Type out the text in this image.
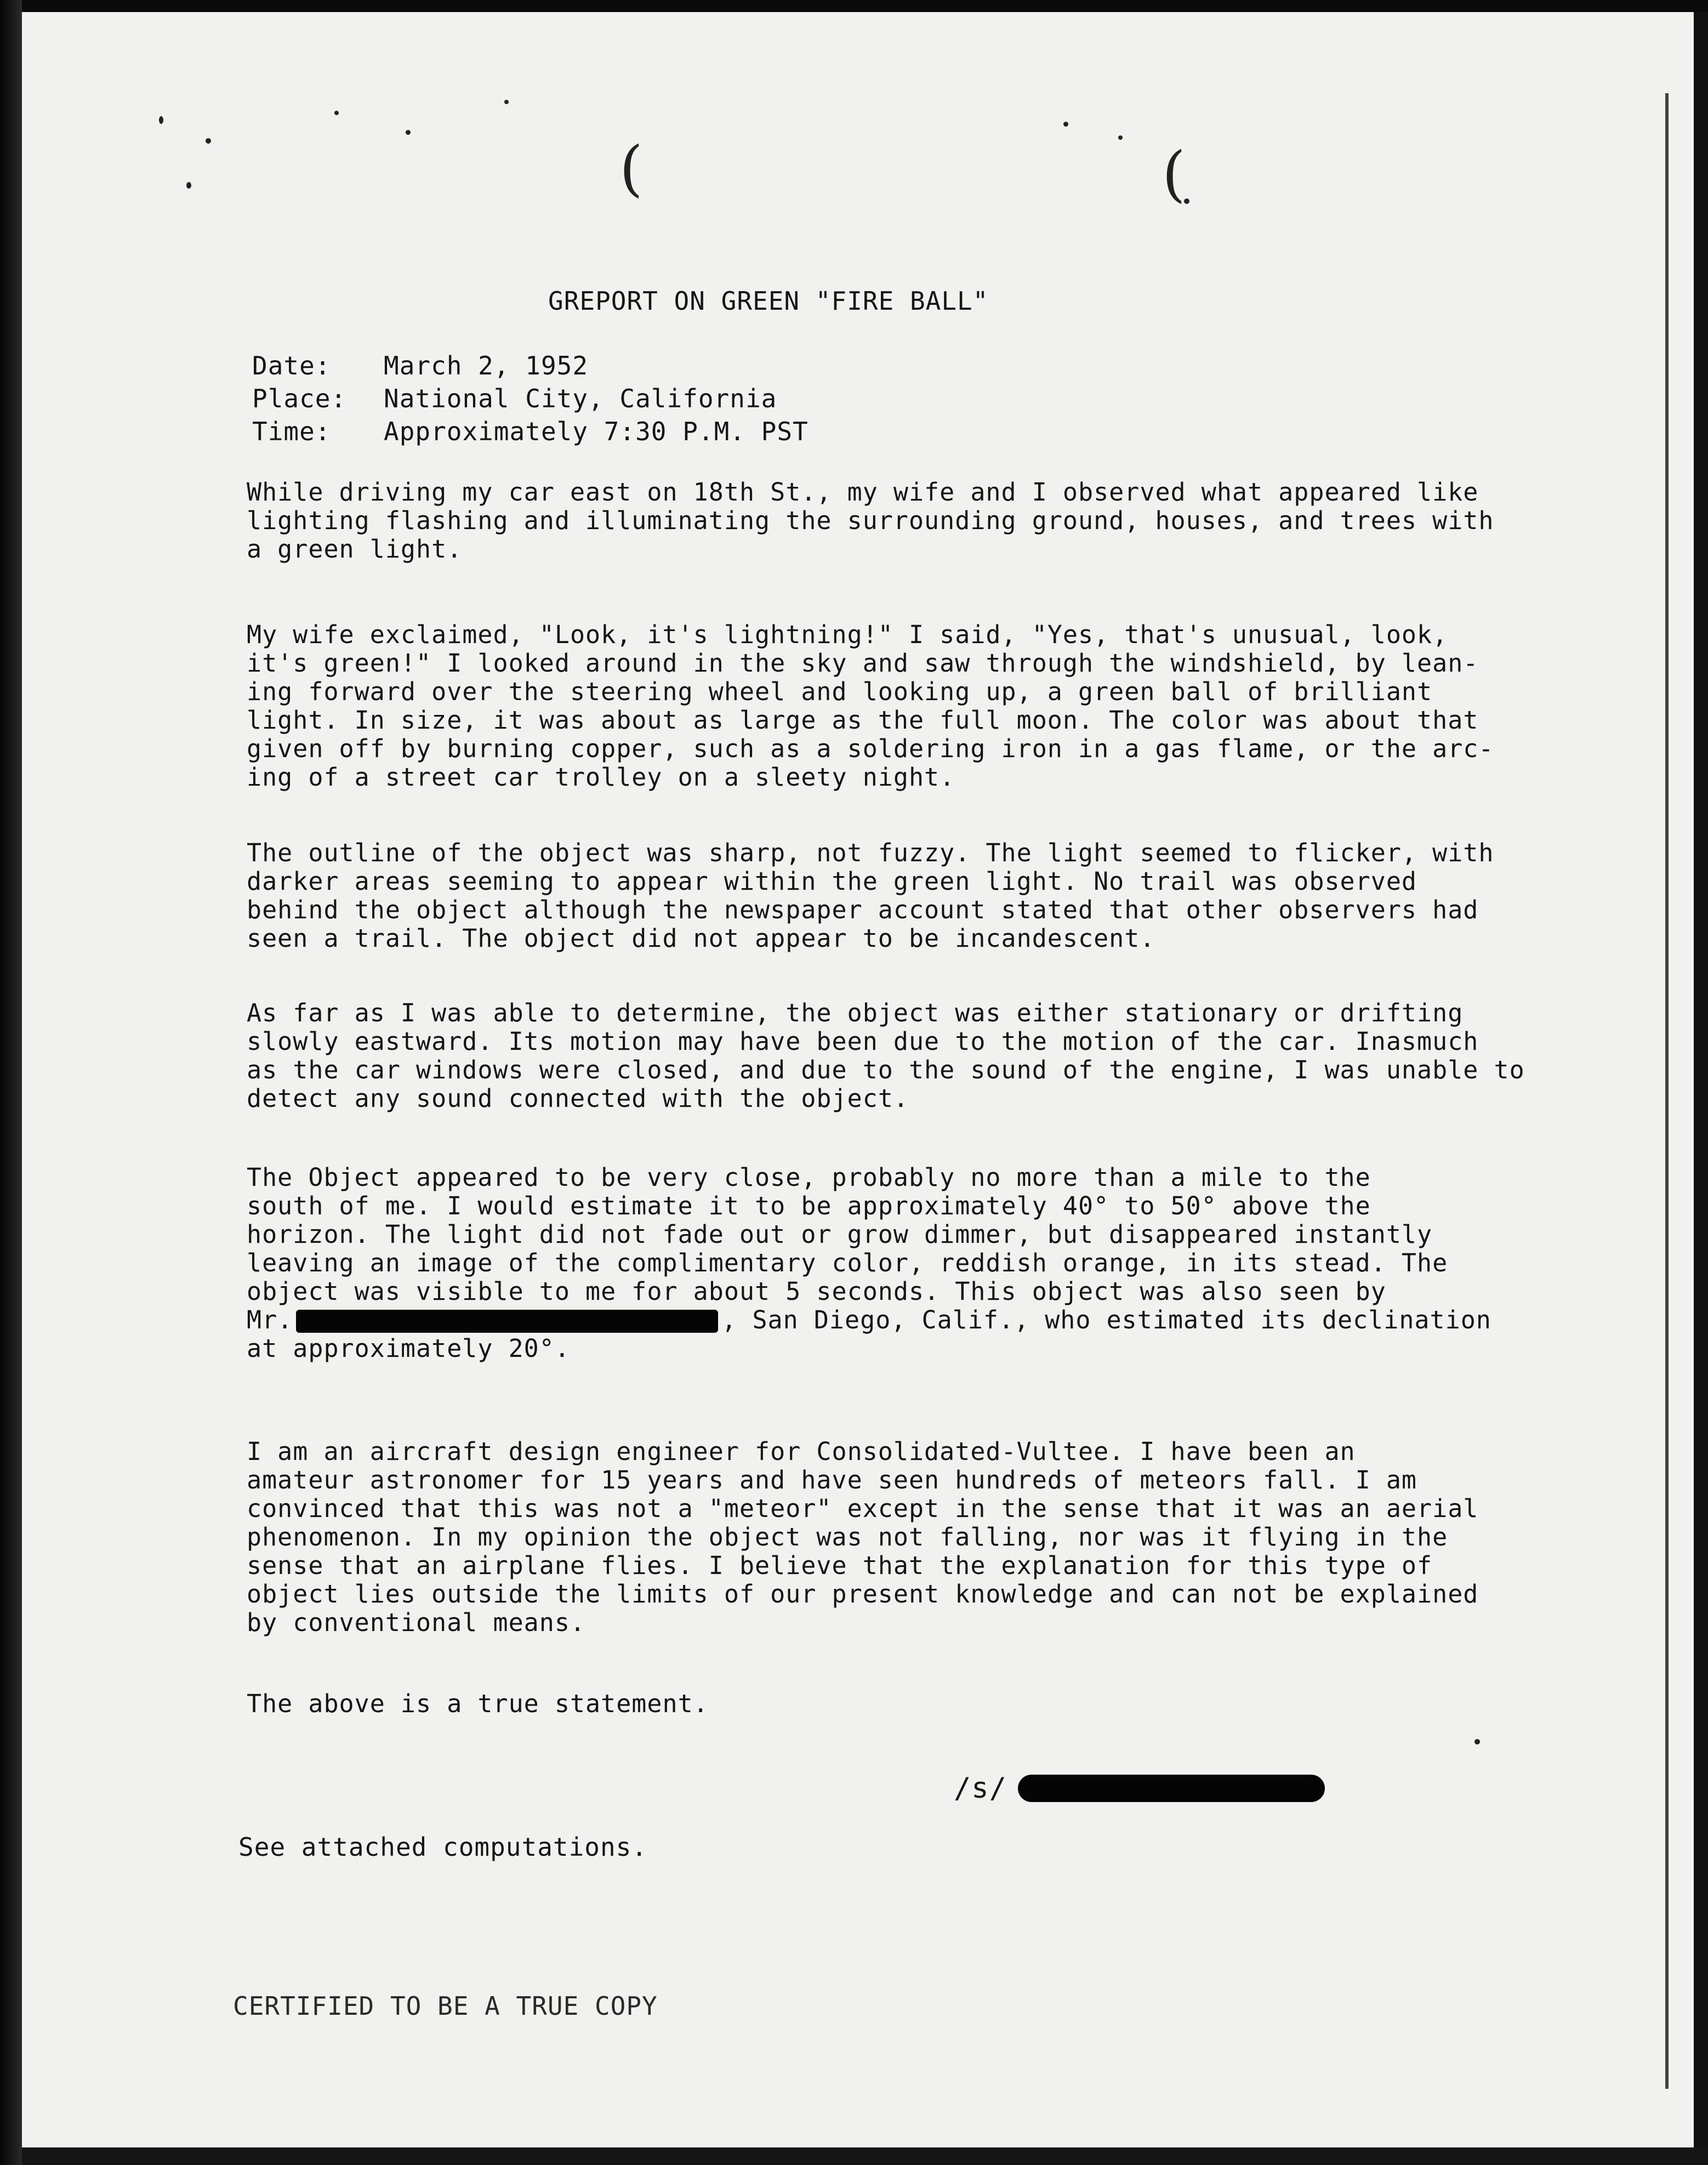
(	(
GREPORT ON GREEN "FIRE BALL"
Date:	March 2, 1952
Place:	National City, California
Time:	Approximately 7:30 P.M. PST
While driving my car east on 18th St., my wife and I observed what appeared like
lighting flashing and illuminating the surrounding ground, houses, and trees with
a green light.
My wife exclaimed, "Look, it's lightning!" I said, "Yes, that's unusual, look,
it's green!" I looked around in the sky and saw through the windshield, by lean-
ing forward over the steering wheel and looking up, a green ball of brilliant
light. In size, it was about as large as the full moon. The color was about that
given off by burning copper, such as a soldering iron in a gas flame, or the arc-
ing of a street car trolley on a sleety night.
The outline of the object was sharp, not fuzzy. The light seemed to flicker, with
darker areas seeming to appear within the green light. No trail was observed
behind the object although the newspaper account stated that other observers had
seen a trail. The object did not appear to be incandescent.
As far as I was able to determine, the object was either stationary or drifting
slowly eastward. Its motion may have been due to the motion of the car. Inasmuch
as the car windows were closed, and due to the sound of the engine, I was unable to
detect any sound connected with the object.
The Object appeared to be very close, probably no more than a mile to the
south of me. I would estimate it to be approximately 40° to 50° above the
horizon. The light did not fade out or grow dimmer, but disappeared instantly
leaving an image of the complimentary color, reddish orange, in its stead. The
object was visible to me for about 5 seconds. This object was also seen by
Mr.	, San Diego, Calif., who estimated its declination
at approximately 20°.
I am an aircraft design engineer for Consolidated-Vultee. I have been an
amateur astronomer for 15 years and have seen hundreds of meteors fall. I am
convinced that this was not a "meteor" except in the sense that it was an aerial
phenomenon. In my opinion the object was not falling, nor was it flying in the
sense that an airplane flies. I believe that the explanation for this type of
object lies outside the limits of our present knowledge and can not be explained
by conventional means.
The above is a true statement.
/s/
See attached computations.
CERTIFIED TO BE A TRUE COPY
